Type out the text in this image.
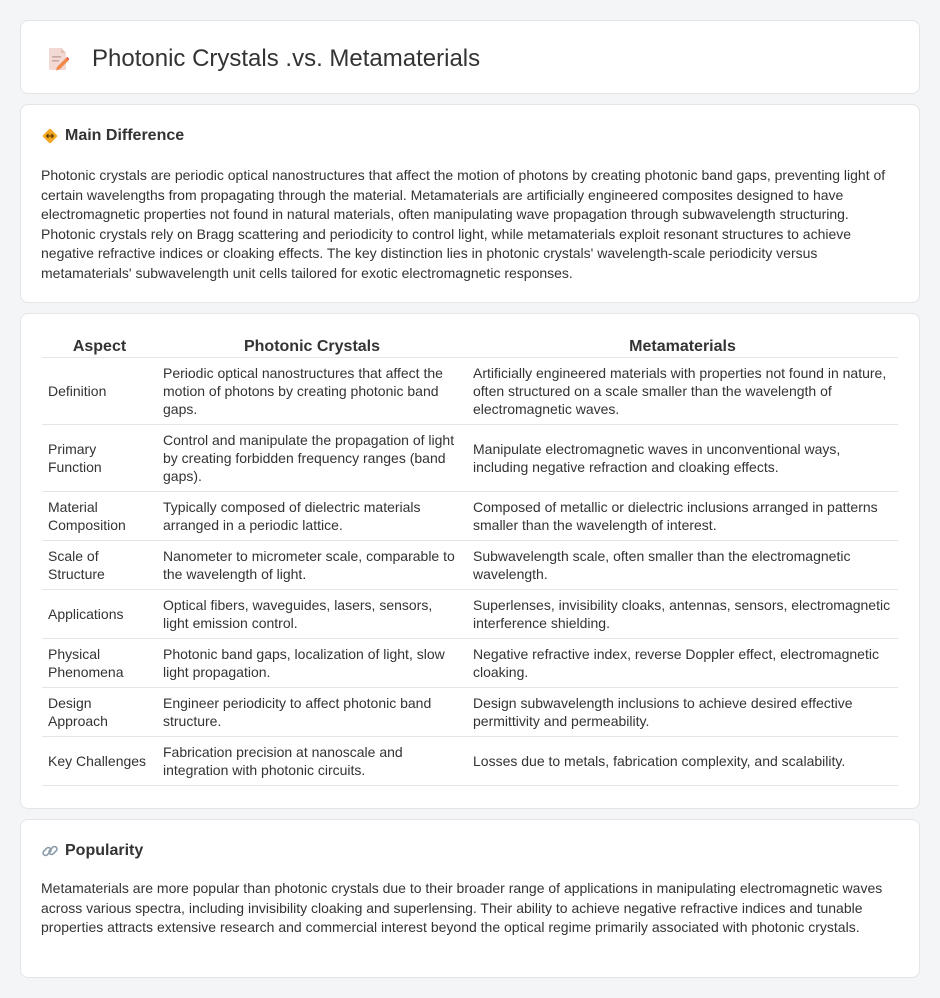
Photonic Crystals .vs. Metamaterials
Main Difference

Photonic crystals are periodic optical nanostructures that affect the motion of photons by creating photonic band gaps, preventing light of certain wavelengths from propagating through the material. Metamaterials are artificially engineered composites designed to have electromagnetic properties not found in natural materials, often manipulating wave propagation through subwavelength structuring. Photonic crystals rely on Bragg scattering and periodicity to control light, while metamaterials exploit resonant structures to achieve negative refractive indices or cloaking effects. The key distinction lies in photonic crystals' wavelength-scale periodicity versus metamaterials' subwavelength unit cells tailored for exotic electromagnetic responses.

Aspect	Photonic Crystals	Metamaterials
Definition	Periodic optical nanostructures that affect the motion of photons by creating photonic band gaps.	Artificially engineered materials with properties not found in nature, often structured on a scale smaller than the wavelength of electromagnetic waves.
Primary Function	Control and manipulate the propagation of light by creating forbidden frequency ranges (band gaps).	Manipulate electromagnetic waves in unconventional ways, including negative refraction and cloaking effects.
Material Composition	Typically composed of dielectric materials arranged in a periodic lattice.	Composed of metallic or dielectric inclusions arranged in patterns smaller than the wavelength of interest.
Scale of Structure	Nanometer to micrometer scale, comparable to the wavelength of light.	Subwavelength scale, often smaller than the electromagnetic wavelength.
Applications	Optical fibers, waveguides, lasers, sensors, light emission control.	Superlenses, invisibility cloaks, antennas, sensors, electromagnetic interference shielding.
Physical Phenomena	Photonic band gaps, localization of light, slow light propagation.	Negative refractive index, reverse Doppler effect, electromagnetic cloaking.
Design Approach	Engineer periodicity to affect photonic band structure.	Design subwavelength inclusions to achieve desired effective permittivity and permeability.
Key Challenges	Fabrication precision at nanoscale and integration with photonic circuits.	Losses due to metals, fabrication complexity, and scalability.
Popularity

Metamaterials are more popular than photonic crystals due to their broader range of applications in manipulating electromagnetic waves across various spectra, including invisibility cloaking and superlensing. Their ability to achieve negative refractive indices and tunable properties attracts extensive research and commercial interest beyond the optical regime primarily associated with photonic crystals.
